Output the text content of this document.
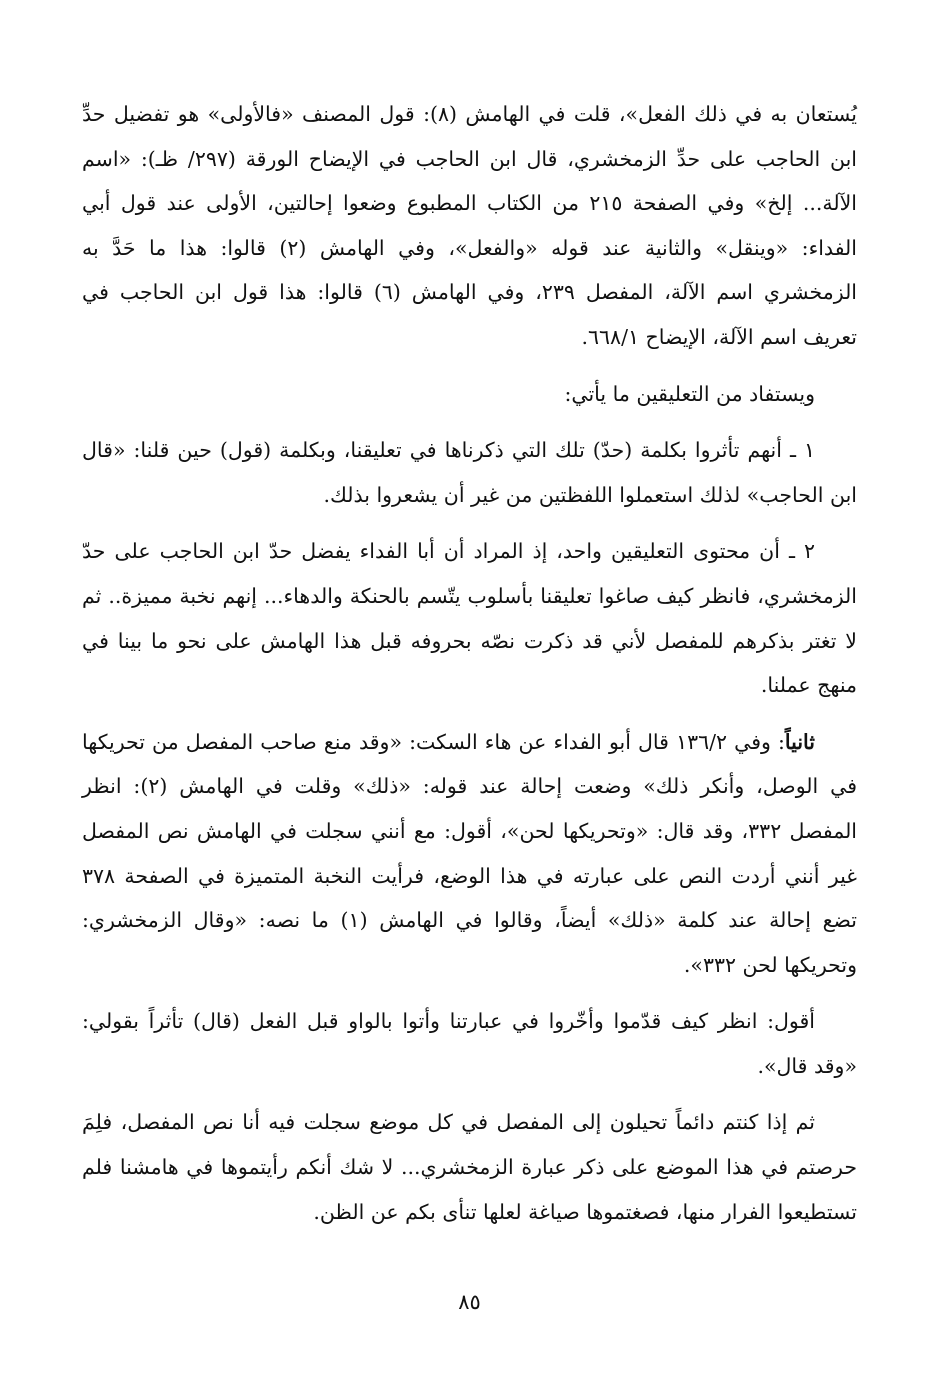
يُستعان به في ذلك الفعل»، قلت في الهامش (٨): قول المصنف «فالأولى» هو تفضيل حدِّ ابن الحاجب على حدِّ الزمخشري، قال ابن الحاجب في الإيضاح الورقة (٢٩٧/ ظـ): «اسم الآلة... إلخ» وفي الصفحة ٢١٥ من الكتاب المطبوع وضعوا إحالتين، الأولى عند قول أبي الفداء: «وينقل» والثانية عند قوله «والفعل»، وفي الهامش (٢) قالوا: هذا ما حَدَّ به الزمخشري اسم الآلة، المفصل ٢٣٩، وفي الهامش (٦) قالوا: هذا قول ابن الحاجب في تعريف اسم الآلة، الإيضاح ٦٦٨/١.

ويستفاد من التعليقين ما يأتي:

١ ـ أنهم تأثروا بكلمة (حدّ) تلك التي ذكرناها في تعليقنا، وبكلمة (قول) حين قلنا: «قال ابن الحاجب» لذلك استعملوا اللفظتين من غير أن يشعروا بذلك.

٢ ـ أن محتوى التعليقين واحد، إذ المراد أن أبا الفداء يفضل حدّ ابن الحاجب على حدّ الزمخشري، فانظر كيف صاغوا تعليقنا بأسلوب يتّسم بالحنكة والدهاء... إنهم نخبة مميزة.. ثم لا تغتر بذكرهم للمفصل لأني قد ذكرت نصّه بحروفه قبل هذا الهامش على نحو ما بينا في منهج عملنا.

ثانياً: وفي ١٣٦/٢ قال أبو الفداء عن هاء السكت: «وقد منع صاحب المفصل من تحريكها في الوصل، وأنكر ذلك» وضعت إحالة عند قوله: «ذلك» وقلت في الهامش (٢): انظر المفصل ٣٣٢، وقد قال: «وتحريكها لحن»، أقول: مع أنني سجلت في الهامش نص المفصل غير أنني أردت النص على عبارته في هذا الوضع، فرأيت النخبة المتميزة في الصفحة ٣٧٨ تضع إحالة عند كلمة «ذلك» أيضاً، وقالوا في الهامش (١) ما نصه: «وقال الزمخشري: وتحريكها لحن ٣٣٢».

أقول: انظر كيف قدّموا وأخّروا في عبارتنا وأتوا بالواو قبل الفعل (قال) تأثراً بقولي: «وقد قال».

ثم إذا كنتم دائماً تحيلون إلى المفصل في كل موضع سجلت فيه أنا نص المفصل، فلِمَ حرصتم في هذا الموضع على ذكر عبارة الزمخشري... لا شك أنكم رأيتموها في هامشنا فلم تستطيعوا الفرار منها، فصغتموها صياغة لعلها تنأى بكم عن الظن.

٨٥
